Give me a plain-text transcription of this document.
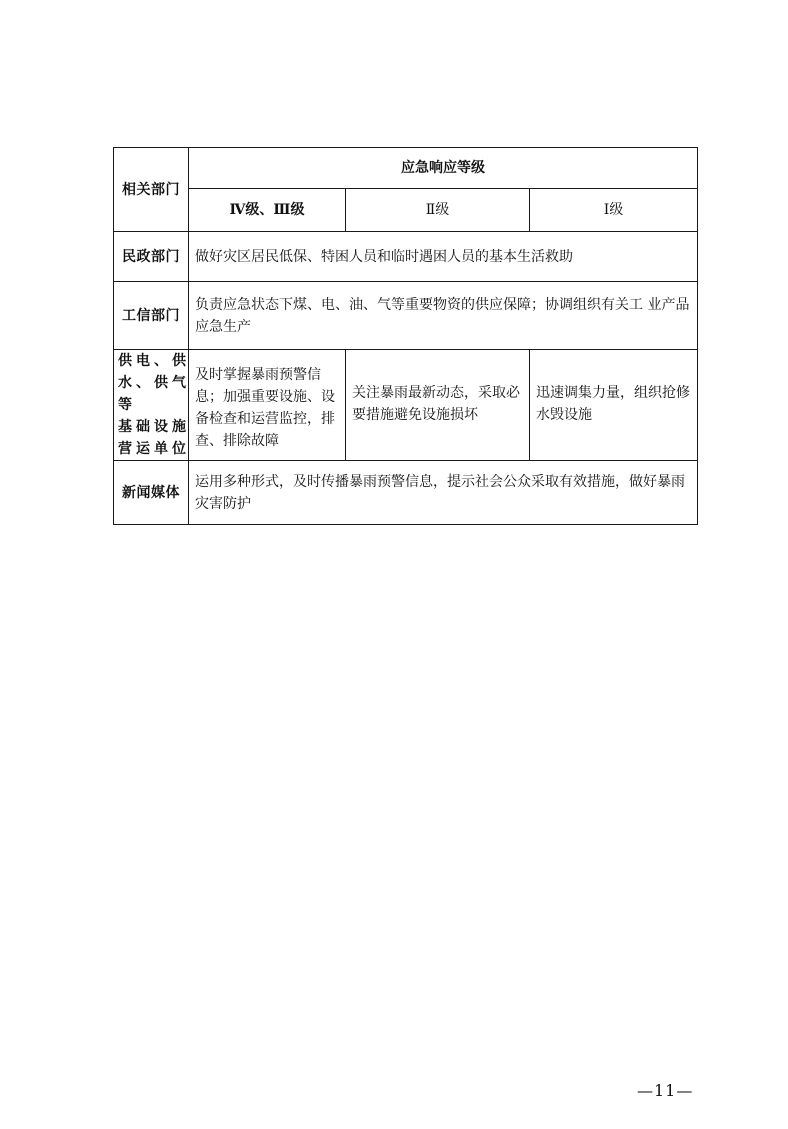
相关部门	应急响应等级		
	Ⅳ级、Ⅲ级	Ⅱ级	Ⅰ级
民政部门	做好灾区居民低保、特困人员和临时遇困人员的基本生活救助		
工信部门	负责应急状态下煤、电、油、气等重要物资的供应保障；协调组织有关工 业产品应急生产		

供电、供
水、供气等
基础设施
营运单位	及时掌握暴雨预警信息；加强重要设施、设备检查和运营监控，排查、排除故障	关注暴雨最新动态，采取必要措施避免设施损坏	迅速调集力量，组织抢修水毁设施
新闻媒体	运用多种形式，及时传播暴雨预警信息，提示社会公众采取有效措施，做好暴雨灾害防护		
—11—
